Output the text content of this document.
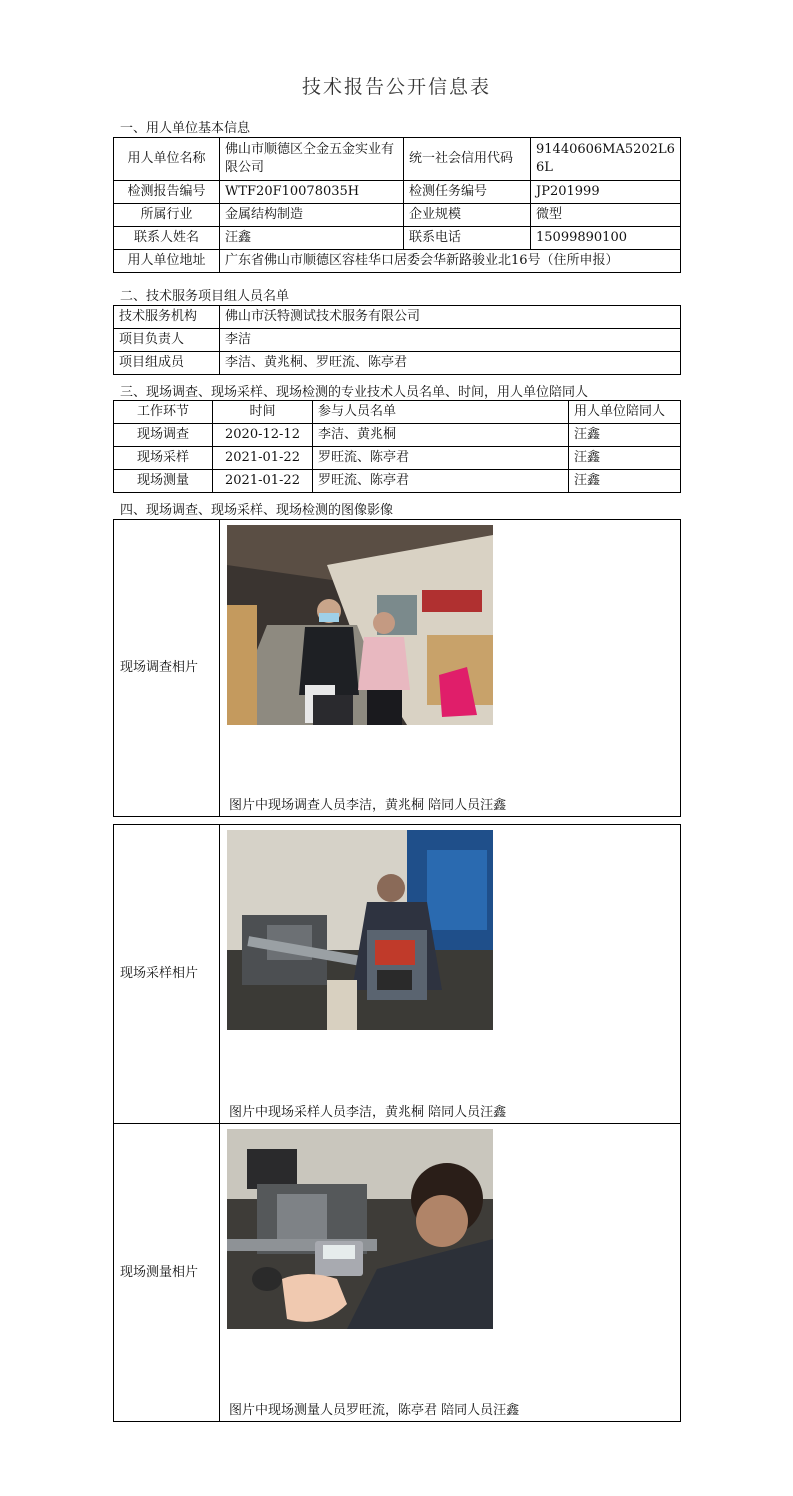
技术报告公开信息表
一、用人单位基本信息
用人单位名称	佛山市顺德区仝金五金实业有限公司	统一社会信用代码	91440606MA5202L66L
检测报告编号	WTF20F10078035H	检测任务编号	JP201999
所属行业	金属结构制造	企业规模	微型
联系人姓名	汪鑫	联系电话	15099890100
用人单位地址	广东省佛山市顺德区容桂华口居委会华新路骏业北16号（住所申报）		
二、技术服务项目组人员名单
技术服务机构	佛山市沃特测试技术服务有限公司
项目负责人	李洁
项目组成员	李洁、黄兆桐、罗旺流、陈亭君
三、现场调查、现场采样、现场检测的专业技术人员名单、时间，用人单位陪同人
工作环节	时间	参与人员名单	用人单位陪同人
现场调查	2020-12-12	李洁、黄兆桐	汪鑫
现场采样	2021-01-22	罗旺流、陈亭君	汪鑫
现场测量	2021-01-22	罗旺流、陈亭君	汪鑫
四、现场调查、现场采样、现场检测的图像影像
现场调查相片	
图片中现场调查人员李洁，黄兆桐 陪同人员汪鑫
现场采样相片	
图片中现场采样人员李洁，黄兆桐 陪同人员汪鑫
现场测量相片	
图片中现场测量人员罗旺流，陈亭君 陪同人员汪鑫
